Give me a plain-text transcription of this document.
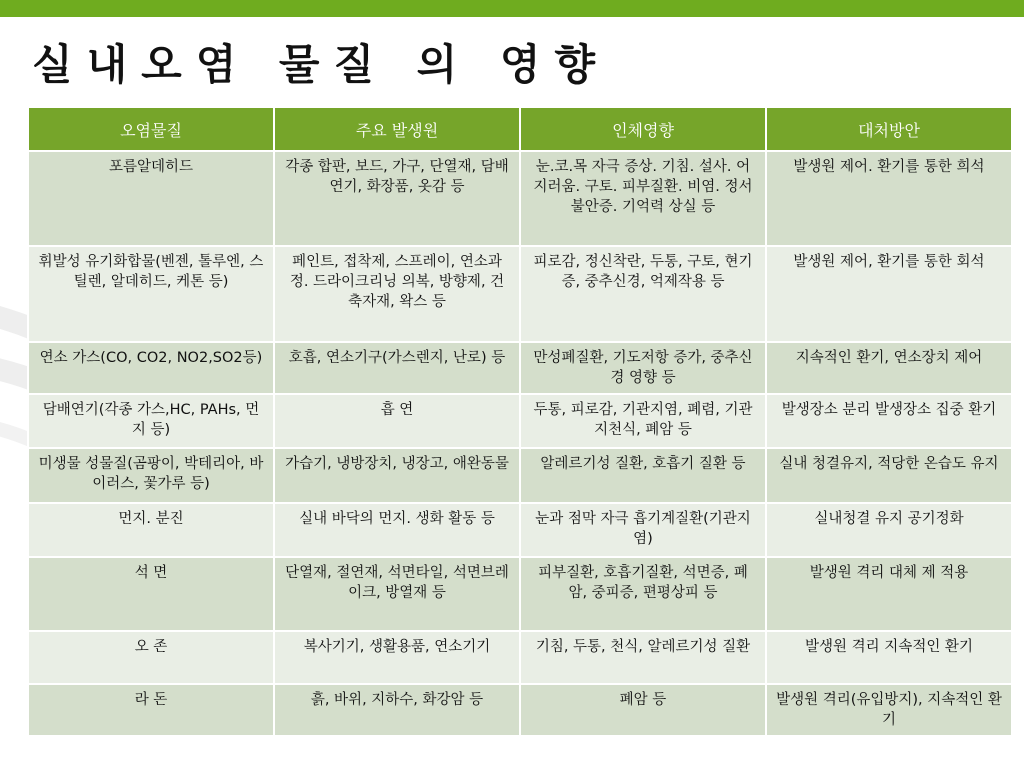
실내오염 물질 의 영향
오염물질	주요 발생원	인체영향	대처방안
포름알데히드	각종 합판, 보드, 가구, 단열재, 담배연기, 화장품, 옷감 등	눈.코.목 자극 증상. 기침. 설사. 어지러움. 구토. 피부질환. 비염. 정서 불안증. 기억력 상실 등	발생원 제어. 환기를 통한 희석
휘발성 유기화합물(벤젠, 톨루엔, 스틸렌, 알데히드, 케톤 등)	페인트, 접착제, 스프레이, 연소과정. 드라이크리닝 의복, 방향제, 건축자재, 왁스 등	피로감, 정신착란, 두통, 구토, 현기증, 중추신경, 억제작용 등	발생원 제어, 환기를 통한 회석
연소 가스(CO, CO2, NO2,SO2등)	호흡, 연소기구(가스렌지, 난로) 등	만성폐질환, 기도저항 증가, 중추신경 영향 등	지속적인 환기, 연소장치 제어
담배연기(각종 가스,HC, PAHs, 먼지 등)	흡 연	두통, 피로감, 기관지염, 폐렴, 기관지천식, 폐암 등	발생장소 분리 발생장소 집중 환기
미생물 성물질(곰팡이, 박테리아, 바이러스, 꽃가루 등)	가습기, 냉방장치, 냉장고, 애완동물	알레르기성 질환, 호흡기 질환 등	실내 청결유지, 적당한 온습도 유지
먼지. 분진	실내 바닥의 먼지. 생화 활동 등	눈과 점막 자극 흡기계질환(기관지염)	실내청결 유지 공기정화
석 면	단열재, 절연재, 석면타일, 석면브레이크, 방열재 등	피부질환, 호흡기질환, 석면증, 폐암, 중피증, 편평상피 등	발생원 격리 대체 제 적용
오 존	복사기기, 생활용품, 연소기기	기침, 두통, 천식, 알레르기성 질환	발생원 격리 지속적인 환기
라 돈	흙, 바위, 지하수, 화강암 등	폐암 등	발생원 격리(유입방지), 지속적인 환기
